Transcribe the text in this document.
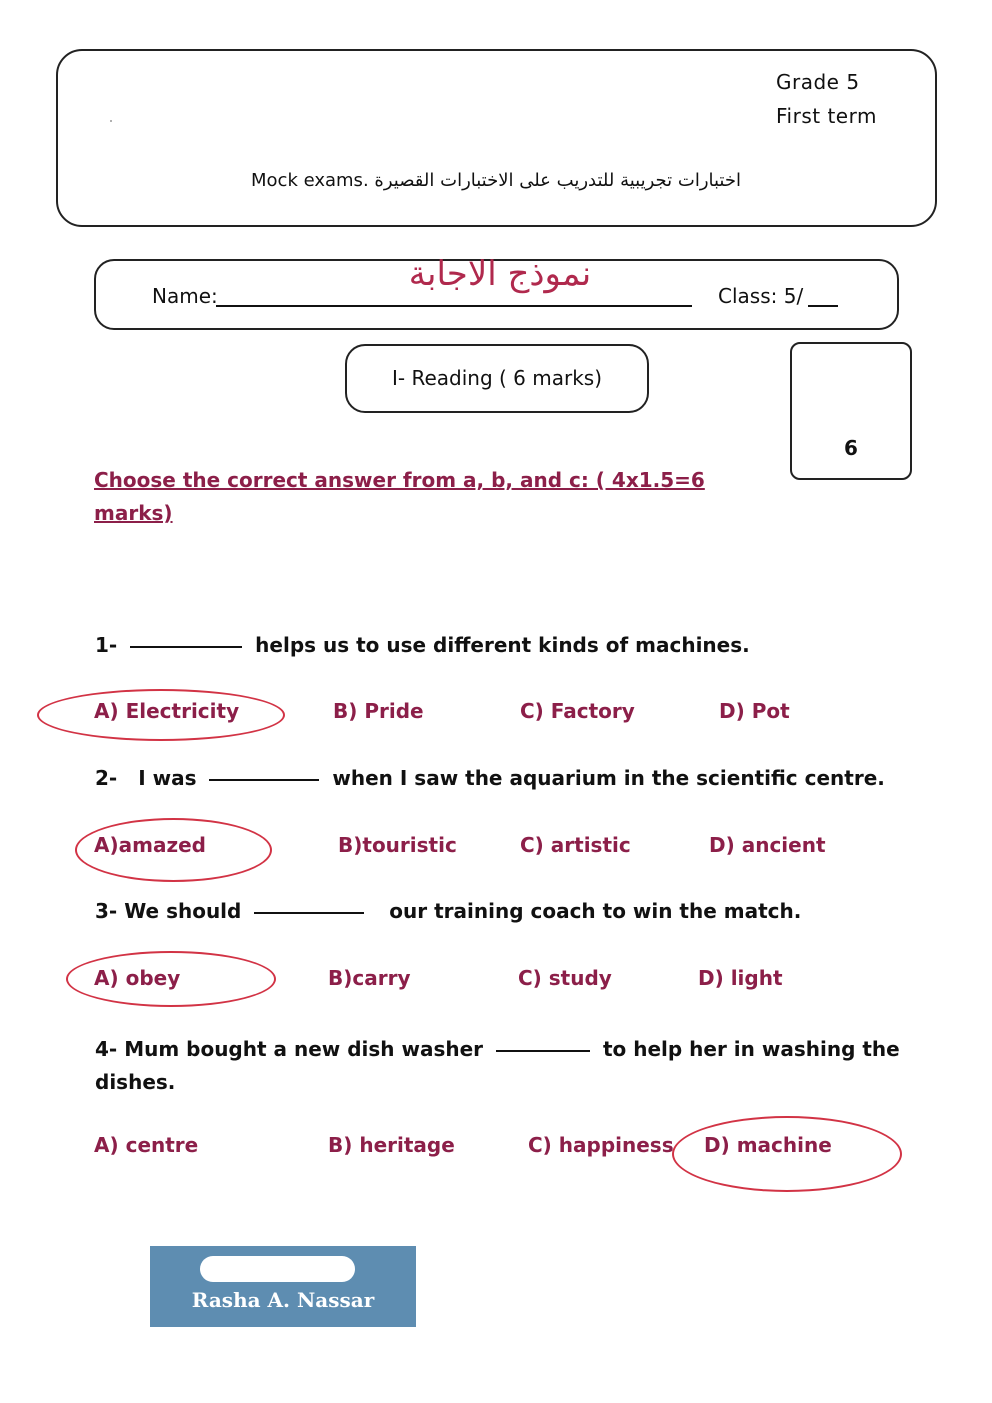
Grade 5
First term
Mock exams. اختبارات تجريبية للتدريب على الاختبارات القصيرة
Name:
نموذج الاجابة
Class: 5/
I- Reading ( 6 marks)
6
Choose the correct answer from a, b, and c: ( 4x1.5=6 marks)
1-	helps us to use different kinds of machines.
A) Electricity	B) Pride	C) Factory	D) Pot
2- I was	when I saw the aquarium in the scientific centre.
A)amazed	B)touristic	C) artistic	D) ancient
3- We should	our training coach to win the match.
A) obey	B)carry	C) study	D) light
4- Mum bought a new dish washer	to help her in washing the
dishes.
A) centre	B) heritage	C) happiness D) machine
Rasha A. Nassar
